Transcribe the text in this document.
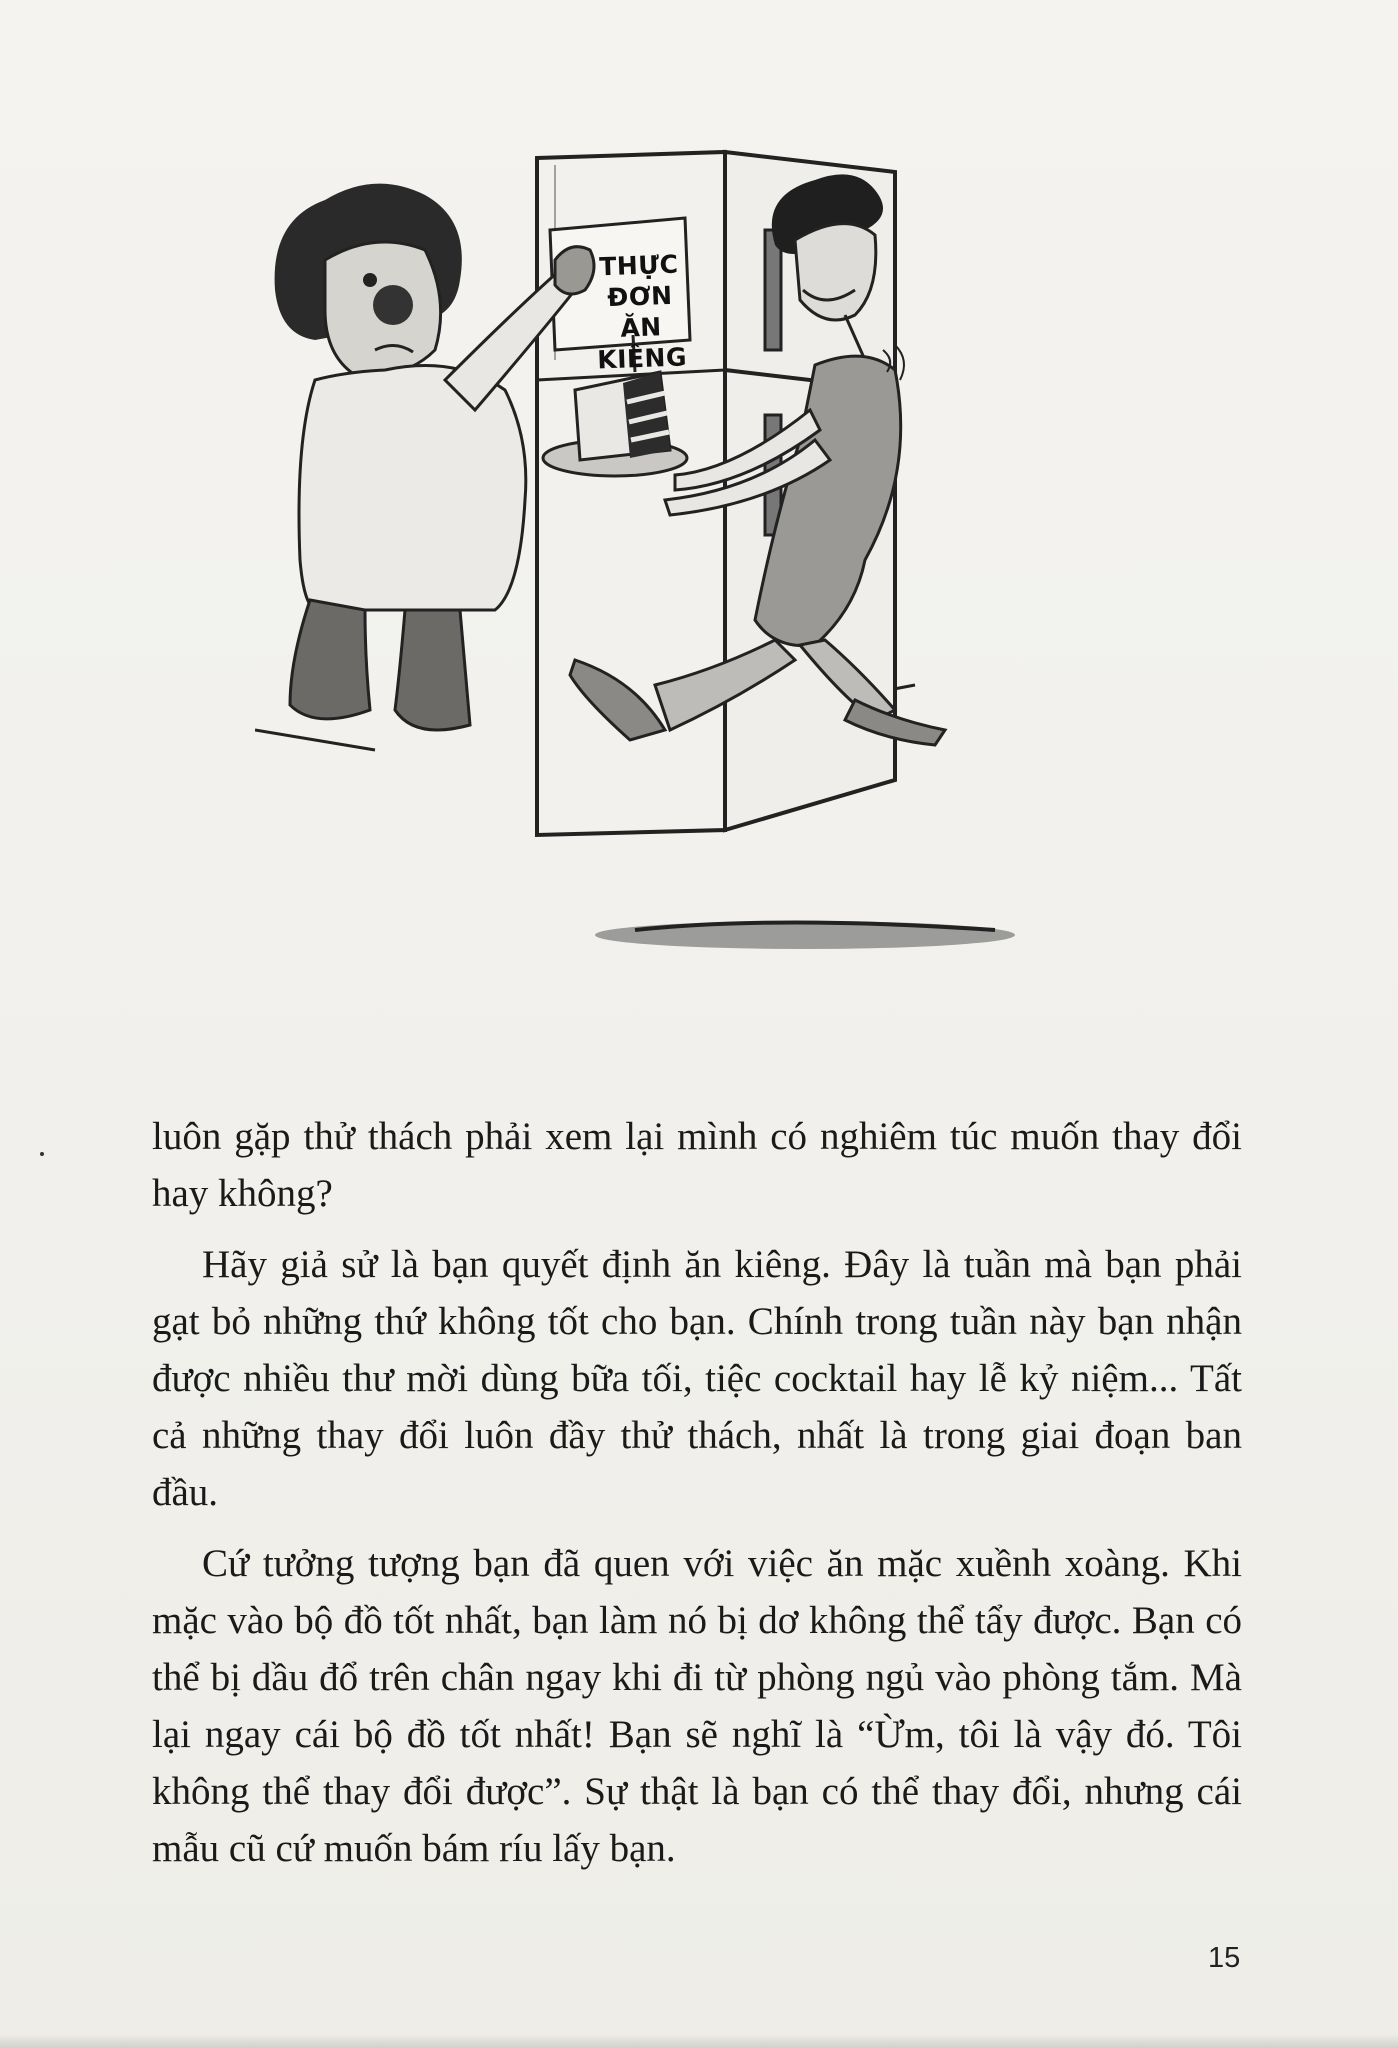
THỰC ĐƠN
ĂN
KIÊNG

luôn gặp thử thách phải xem lại mình có nghiêm túc muốn thay đổi hay không?

Hãy giả sử là bạn quyết định ăn kiêng. Đây là tuần mà bạn phải gạt bỏ những thứ không tốt cho bạn. Chính trong tuần này bạn nhận được nhiều thư mời dùng bữa tối, tiệc cocktail hay lễ kỷ niệm... Tất cả những thay đổi luôn đầy thử thách, nhất là trong giai đoạn ban đầu.

Cứ tưởng tượng bạn đã quen với việc ăn mặc xuềnh xoàng. Khi mặc vào bộ đồ tốt nhất, bạn làm nó bị dơ không thể tẩy được. Bạn có thể bị dầu đổ trên chân ngay khi đi từ phòng ngủ vào phòng tắm. Mà lại ngay cái bộ đồ tốt nhất! Bạn sẽ nghĩ là “Ừm, tôi là vậy đó. Tôi không thể thay đổi được”. Sự thật là bạn có thể thay đổi, nhưng cái mẫu cũ cứ muốn bám ríu lấy bạn.

15
